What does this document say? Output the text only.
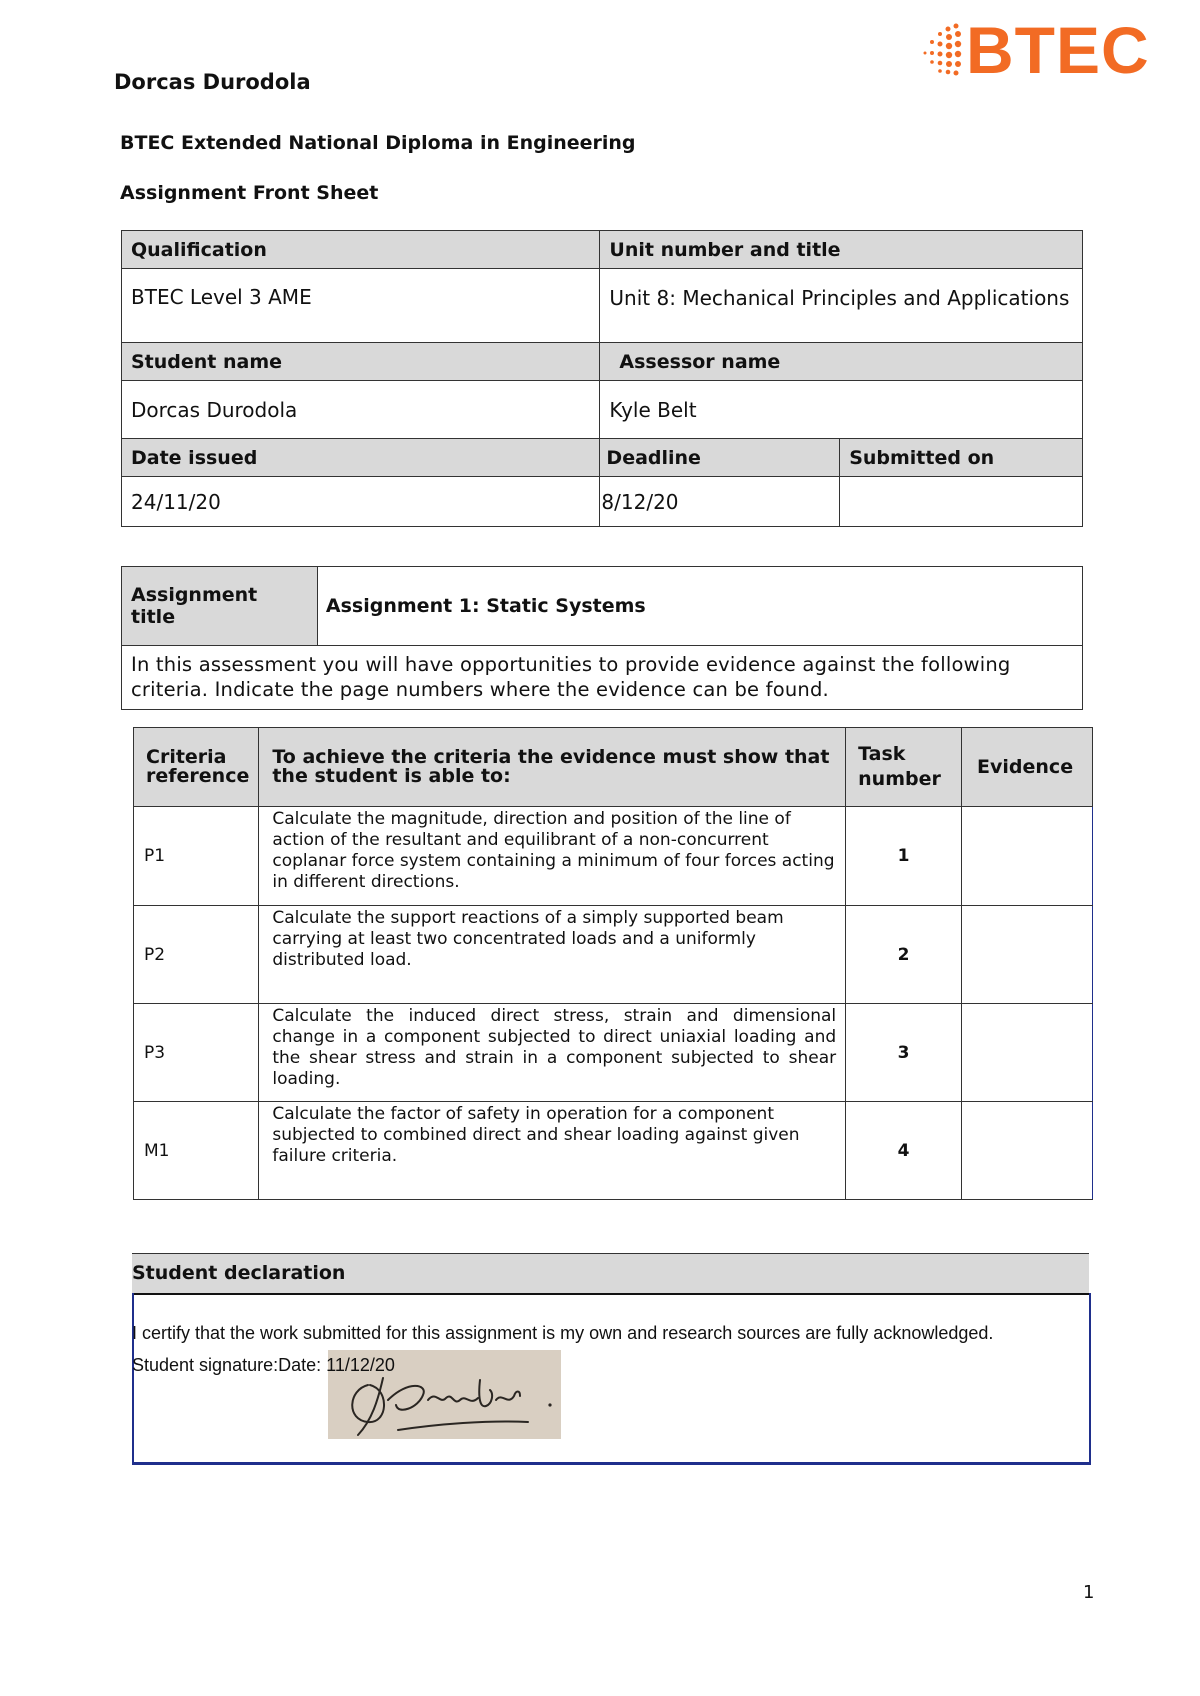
BTEC
Dorcas Durodola
BTEC Extended National Diploma in Engineering
Assignment Front Sheet
Qualification	Unit number and title	
BTEC Level 3 AME	Unit 8: Mechanical Principles and Applications	
Student name	Assessor name	
Dorcas Durodola	Kyle Belt	
Date issued	Deadline	Submitted on
24/11/20	8/12/20	
Assignment title	Assignment 1: Static Systems
In this assessment you will have opportunities to provide evidence against the following criteria. Indicate the page numbers where the evidence can be found.
Criteria reference	To achieve the criteria the evidence must show that the student is able to:	Task number	Evidence
P1	Calculate the magnitude, direction and position of the line of action of the resultant and equilibrant of a non-concurrent coplanar force system containing a minimum of four forces acting in different directions.	1	
P2	Calculate the support reactions of a simply supported beam carrying at least two concentrated loads and a uniformly distributed load.	2	
P3	Calculate the induced direct stress, strain and dimensional change in a component subjected to direct uniaxial loading and the shear stress and strain in a component subjected to shear loading.	3	
M1	Calculate the factor of safety in operation for a component subjected to combined direct and shear loading against given failure criteria.	4	
Student declaration
I certify that the work submitted for this assignment is my own and research sources are fully acknowledged.
Student signature:Date: 11/12/20
1
